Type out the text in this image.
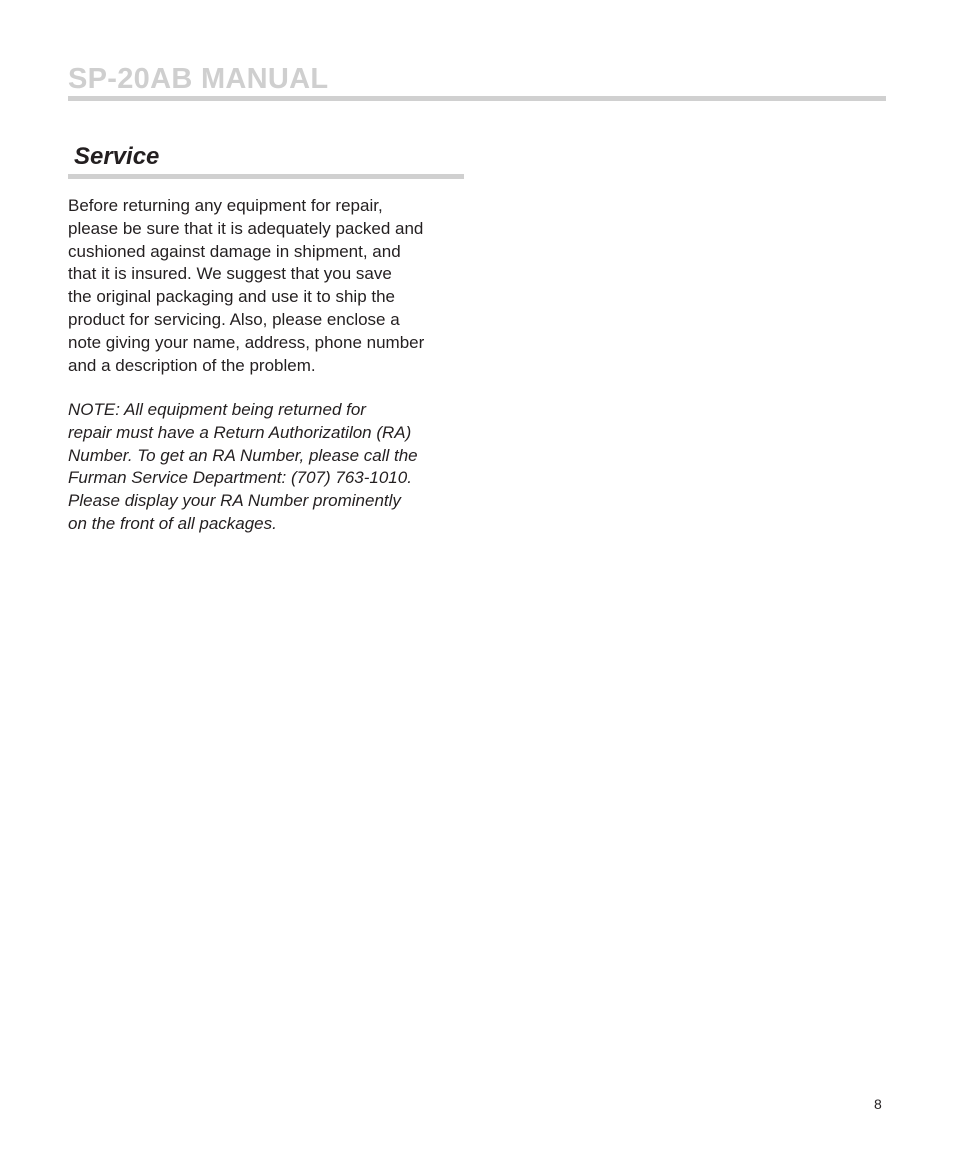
SP-20AB MANUAL
Service
Before returning any equipment for repair,
please be sure that it is adequately packed and
cushioned against damage in shipment, and
that it is insured. We suggest that you save
the original packaging and use it to ship the
product for servicing. Also, please enclose a
note giving your name, address, phone number
and a description of the problem.
NOTE: All equipment being returned for
repair must have a Return Authorizatilon (RA)
Number. To get an RA Number, please call the
Furman Service Department: (707) 763-1010.
Please display your RA Number prominently
on the front of all packages.
8
